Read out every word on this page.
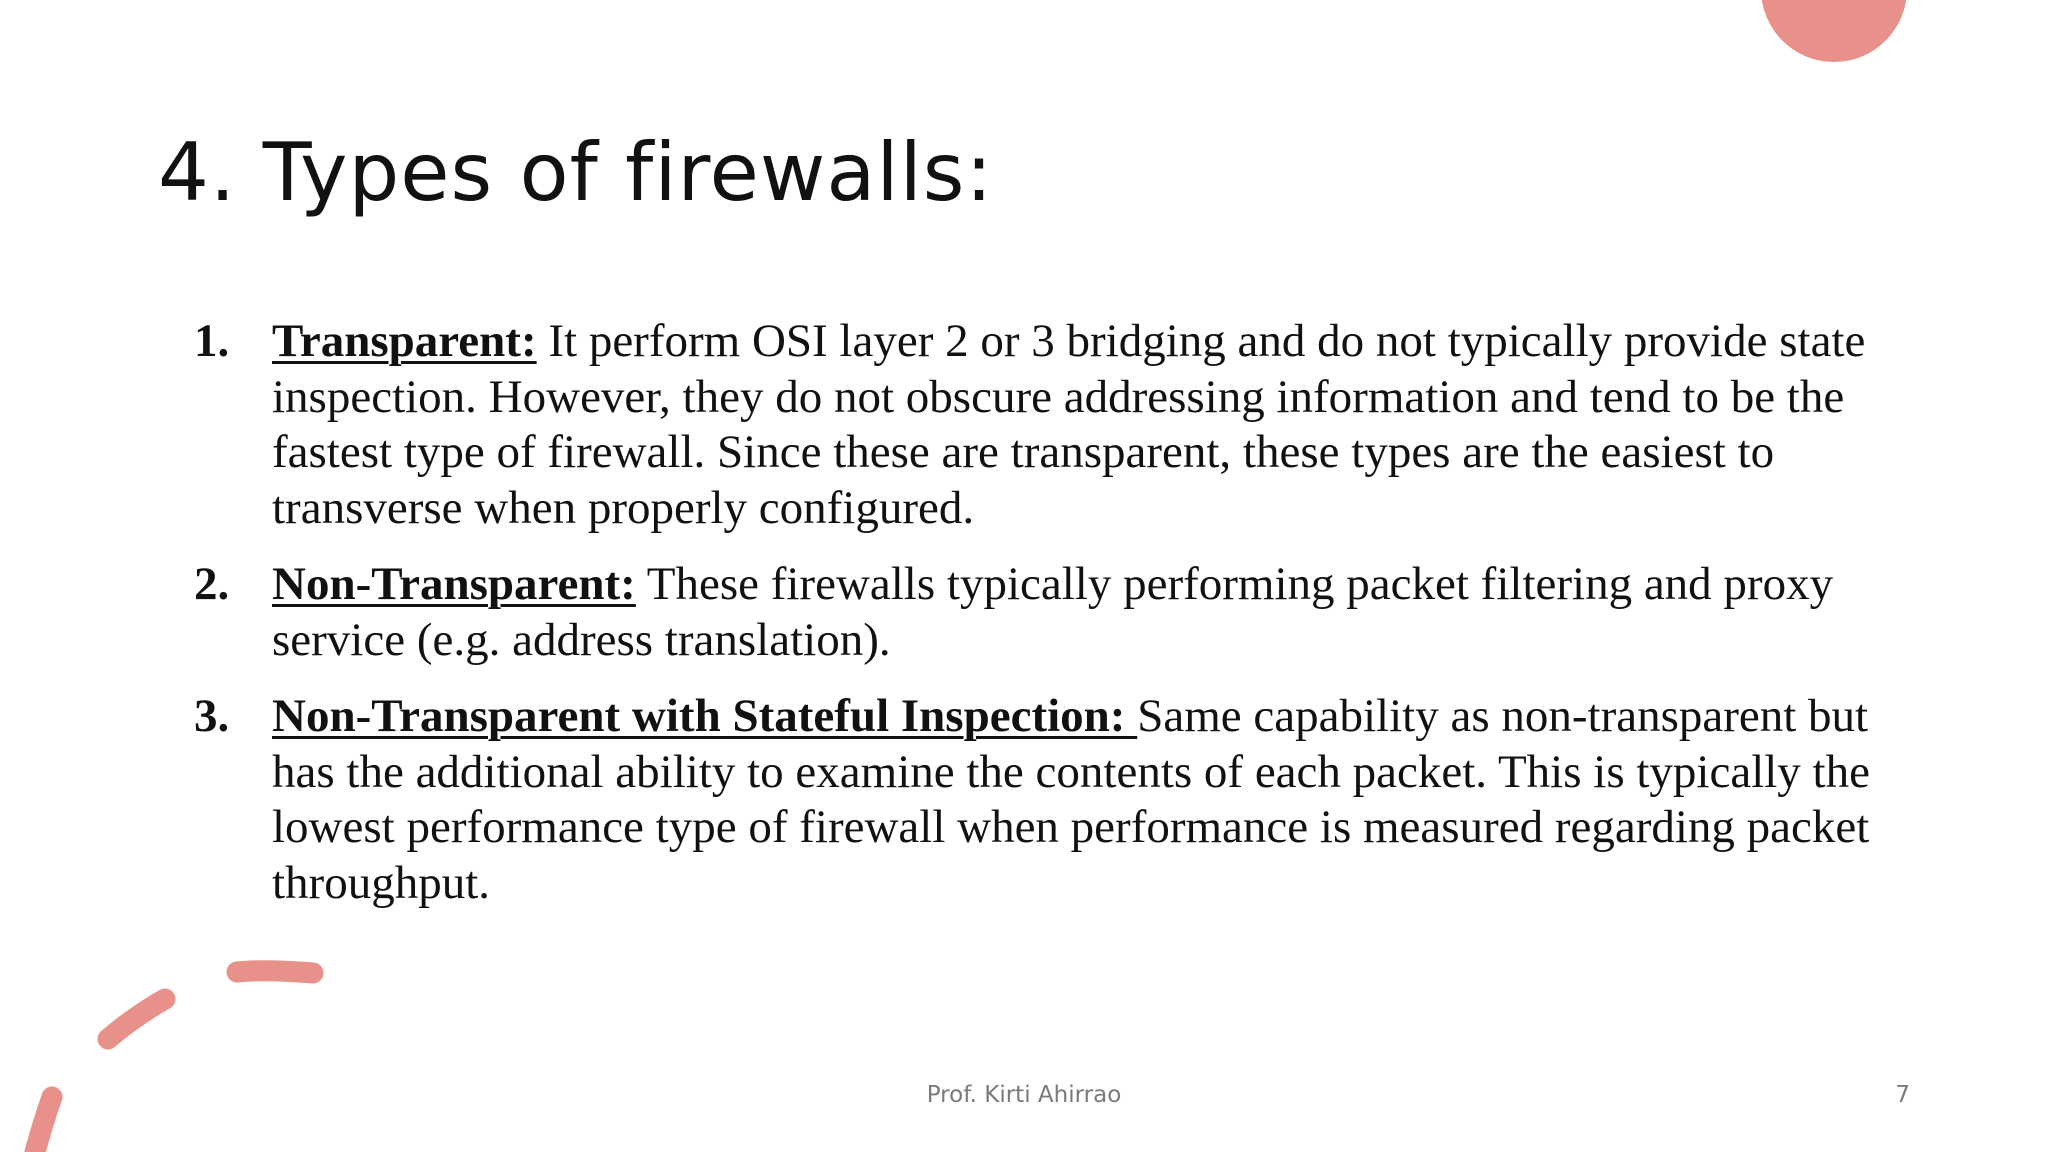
4. Types of firewalls:
1. Transparent: It perform OSI layer 2 or 3 bridging and do not typically provide state inspection. However, they do not obscure addressing information and tend to be the fastest type of firewall. Since these are transparent, these types are the easiest to transverse when properly configured.
2. Non-Transparent: These firewalls typically performing packet filtering and proxy service (e.g. address translation).
3. Non-Transparent with Stateful Inspection: Same capability as non-transparent but has the additional ability to examine the contents of each packet. This is typically the lowest performance type of firewall when performance is measured regarding packet throughput.
Prof. Kirti Ahirrao	7
